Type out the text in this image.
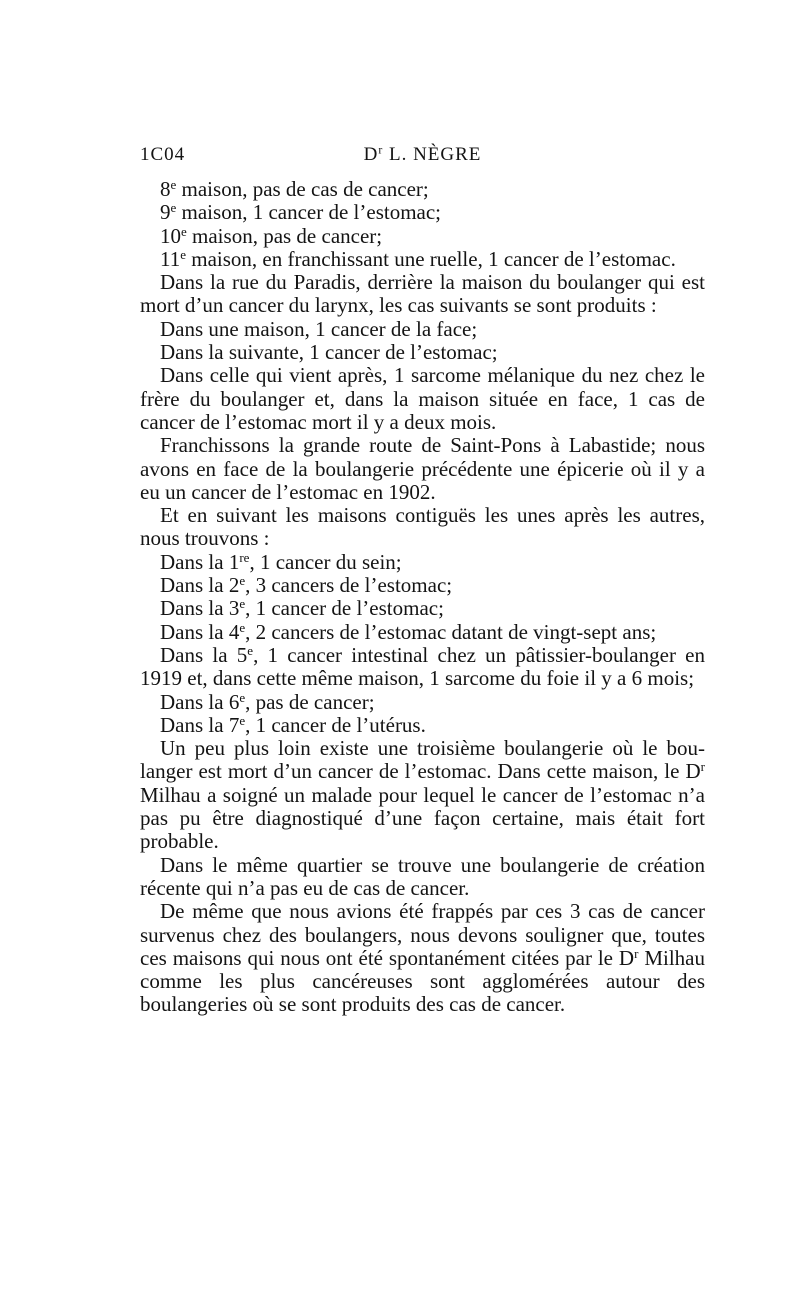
1C04	$D^r$ L. NÈGRE

8e maison, pas de cas de cancer;

9e maison, 1 cancer de l’estomac;

10e maison, pas de cancer;

11e maison, en franchissant une ruelle, 1 cancer de l’estomac.

Dans la rue du Paradis, derrière la maison du boulanger qui est mort d’un cancer du larynx, les cas suivants se sont produits :

Dans une maison, 1 cancer de la face;

Dans la suivante, 1 cancer de l’estomac;

Dans celle qui vient après, 1 sarcome mélanique du nez chez le frère du boulanger et, dans la maison située en face, 1 cas de cancer de l’estomac mort il y a deux mois.

Franchissons la grande route de Saint-Pons à Labastide; nous avons en face de la boulangerie précédente une épicerie où il y a eu un cancer de l’estomac en 1902.

Et en suivant les maisons contiguës les unes après les autres, nous trouvons :

Dans la 1re, 1 cancer du sein;

Dans la 2e, 3 cancers de l’estomac;

Dans la 3e, 1 cancer de l’estomac;

Dans la 4e, 2 cancers de l’estomac datant de vingt-sept ans;

Dans la 5e, 1 cancer intestinal chez un pâtissier-boulanger en 1919 et, dans cette même maison, 1 sarcome du foie il y a 6 mois;

Dans la 6e, pas de cancer;

Dans la 7e, 1 cancer de l’utérus.

Un peu plus loin existe une troisième boulangerie où le boulanger est mort d’un cancer de l’estomac. Dans cette maison, le $D^r$ Milhau a soigné un malade pour lequel le cancer de l’estomac n’a pas pu être diagnostiqué d’une façon certaine, mais était fort probable.

Dans le même quartier se trouve une boulangerie de création récente qui n’a pas eu de cas de cancer.

De même que nous avions été frappés par ces 3 cas de cancer survenus chez des boulangers, nous devons souligner que, toutes ces maisons qui nous ont été spontanément citées par le $D^r$ Milhau comme les plus cancéreuses sont agglomérées autour des boulangeries où se sont produits des cas de cancer.
